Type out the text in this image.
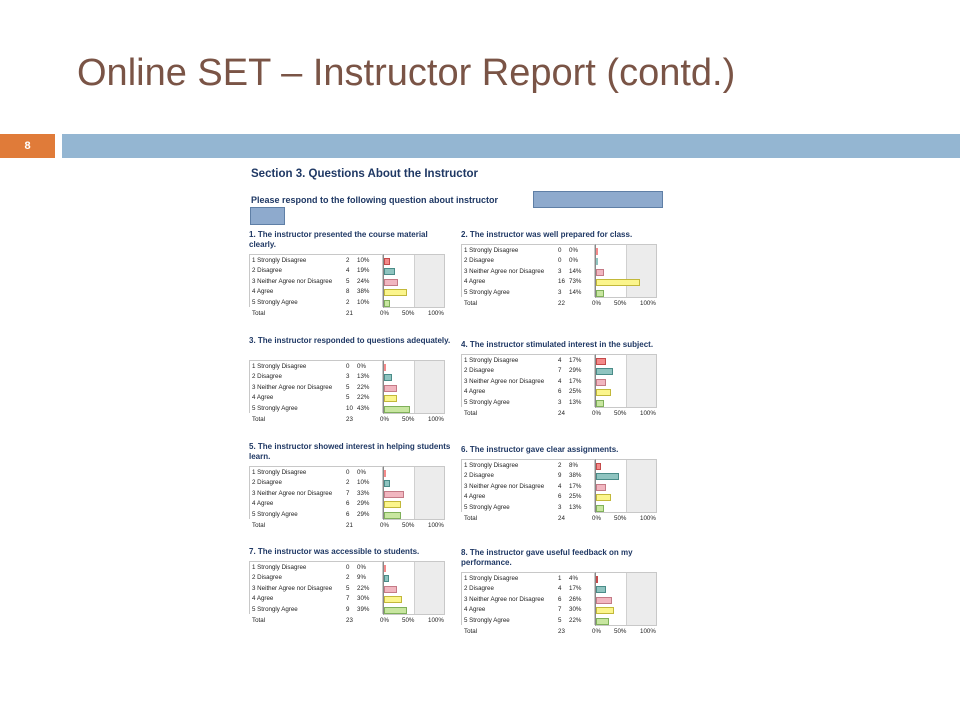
Online SET – Instructor Report (contd.)
8
Section 3. Questions About the Instructor
Please respond to the following question about instructor
1. The instructor presented the course material clearly.
1 Strongly Disagree	2 10%
2 Disagree	4 19%
3 Neither Agree nor Disagree 5 24%
4 Agree	8 38%
5 Strongly Agree	2 10%
Total	21	0% 50% 100%
2. The instructor was well prepared for class.
1 Strongly Disagree	0 0%
2 Disagree	0 0%
3 Neither Agree nor Disagree 3 14%
4 Agree	16 73%
5 Strongly Agree	3 14%
Total	22	0% 50% 100%
3. The instructor responded to questions adequately.
1 Strongly Disagree	0 0%
2 Disagree	3 13%
3 Neither Agree nor Disagree 5 22%
4 Agree	5 22%
5 Strongly Agree	10 43%
Total	23	0% 50% 100%
4. The instructor stimulated interest in the subject.
1 Strongly Disagree	4 17%
2 Disagree	7 29%
3 Neither Agree nor Disagree 4 17%
4 Agree	6 25%
5 Strongly Agree	3 13%
Total	24	0% 50% 100%
5. The instructor showed interest in helping students learn.
1 Strongly Disagree	0 0%
2 Disagree	2 10%
3 Neither Agree nor Disagree 7 33%
4 Agree	6 29%
5 Strongly Agree	6 29%
Total	21	0% 50% 100%
6. The instructor gave clear assignments.
1 Strongly Disagree	2 8%
2 Disagree	9 38%
3 Neither Agree nor Disagree 4 17%
4 Agree	6 25%
5 Strongly Agree	3 13%
Total	24	0% 50% 100%
7. The instructor was accessible to students.
1 Strongly Disagree	0 0%
2 Disagree	2 9%
3 Neither Agree nor Disagree 5 22%
4 Agree	7 30%
5 Strongly Agree	9 39%
Total	23	0% 50% 100%
8. The instructor gave useful feedback on my performance.
1 Strongly Disagree	1 4%
2 Disagree	4 17%
3 Neither Agree nor Disagree 6 26%
4 Agree	7 30%
5 Strongly Agree	5 22%
Total	23	0% 50% 100%
